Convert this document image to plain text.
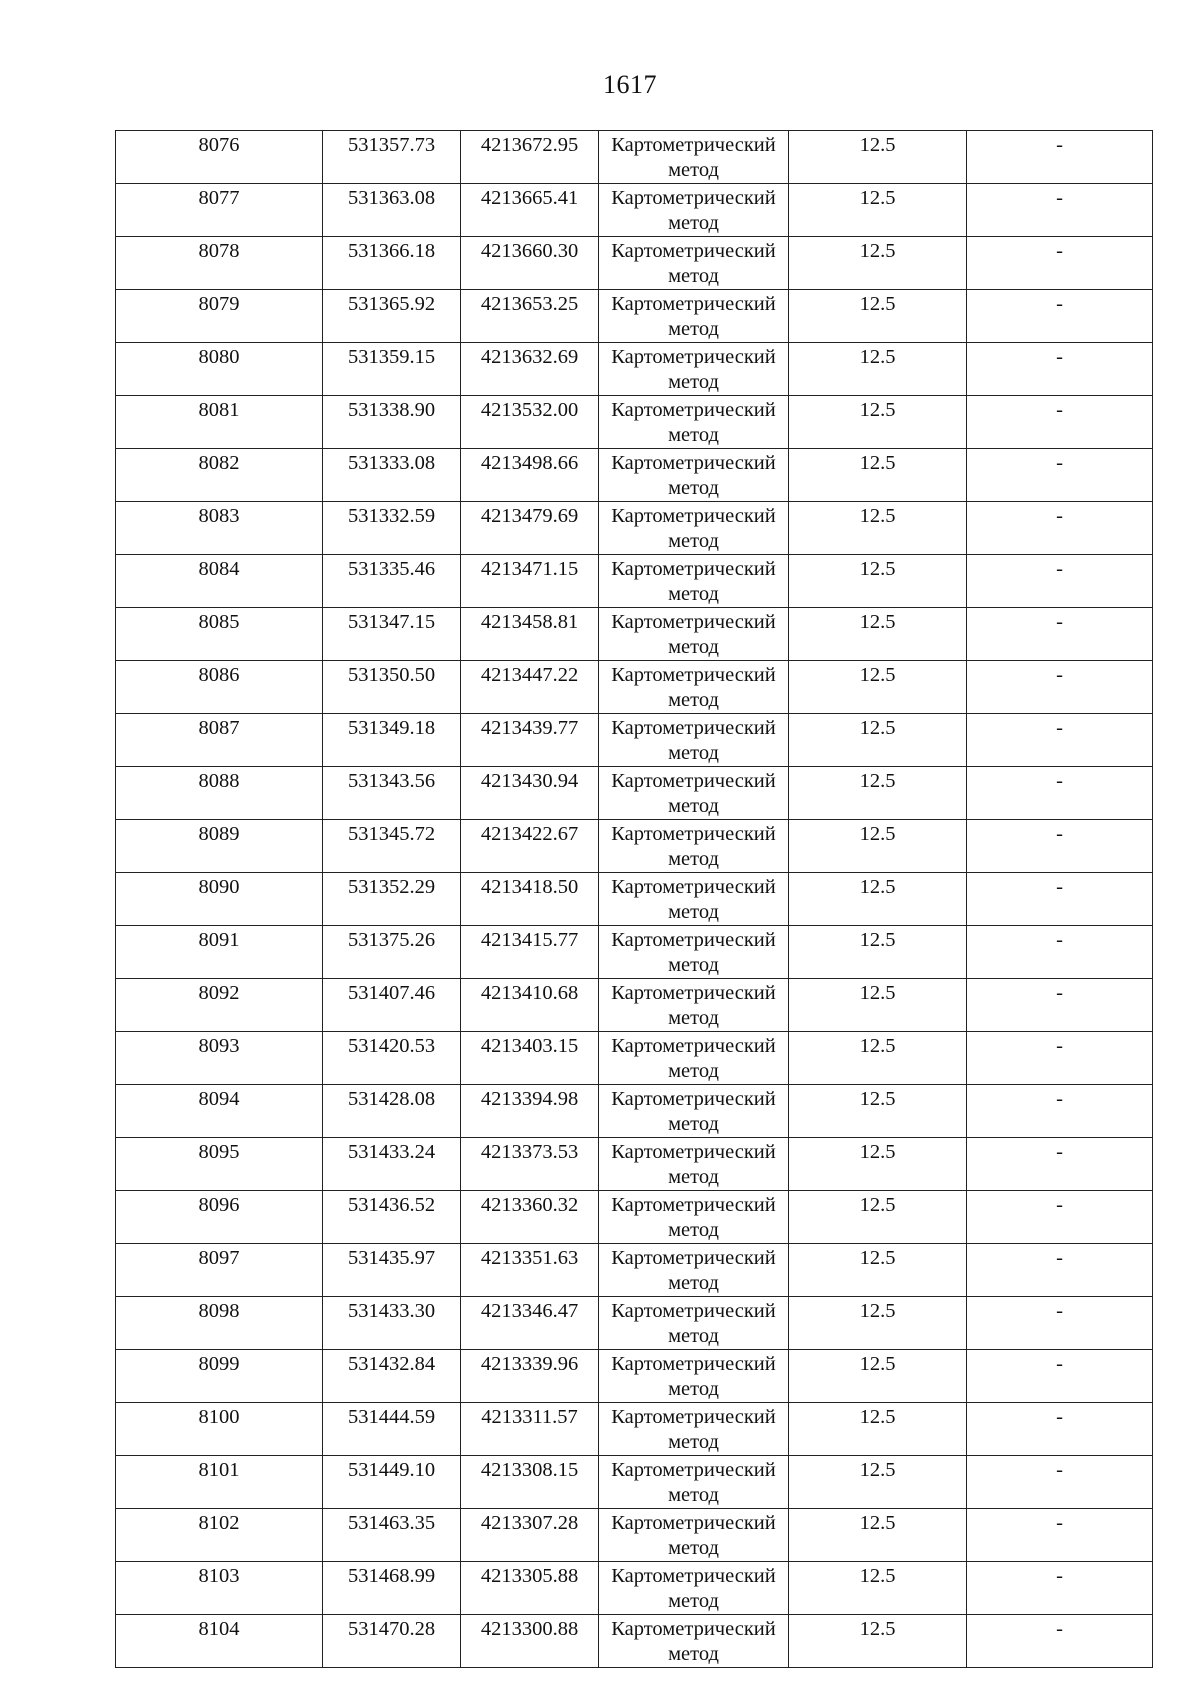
1617
8076	531357.73	4213672.95	Картометрический
метод	12.5	-
8077	531363.08	4213665.41	Картометрический
метод	12.5	-
8078	531366.18	4213660.30	Картометрический
метод	12.5	-
8079	531365.92	4213653.25	Картометрический
метод	12.5	-
8080	531359.15	4213632.69	Картометрический
метод	12.5	-
8081	531338.90	4213532.00	Картометрический
метод	12.5	-
8082	531333.08	4213498.66	Картометрический
метод	12.5	-
8083	531332.59	4213479.69	Картометрический
метод	12.5	-
8084	531335.46	4213471.15	Картометрический
метод	12.5	-
8085	531347.15	4213458.81	Картометрический
метод	12.5	-
8086	531350.50	4213447.22	Картометрический
метод	12.5	-
8087	531349.18	4213439.77	Картометрический
метод	12.5	-
8088	531343.56	4213430.94	Картометрический
метод	12.5	-
8089	531345.72	4213422.67	Картометрический
метод	12.5	-
8090	531352.29	4213418.50	Картометрический
метод	12.5	-
8091	531375.26	4213415.77	Картометрический
метод	12.5	-
8092	531407.46	4213410.68	Картометрический
метод	12.5	-
8093	531420.53	4213403.15	Картометрический
метод	12.5	-
8094	531428.08	4213394.98	Картометрический
метод	12.5	-
8095	531433.24	4213373.53	Картометрический
метод	12.5	-
8096	531436.52	4213360.32	Картометрический
метод	12.5	-
8097	531435.97	4213351.63	Картометрический
метод	12.5	-
8098	531433.30	4213346.47	Картометрический
метод	12.5	-
8099	531432.84	4213339.96	Картометрический
метод	12.5	-
8100	531444.59	4213311.57	Картометрический
метод	12.5	-
8101	531449.10	4213308.15	Картометрический
метод	12.5	-
8102	531463.35	4213307.28	Картометрический
метод	12.5	-
8103	531468.99	4213305.88	Картометрический
метод	12.5	-
8104	531470.28	4213300.88	Картометрический
метод	12.5	-
